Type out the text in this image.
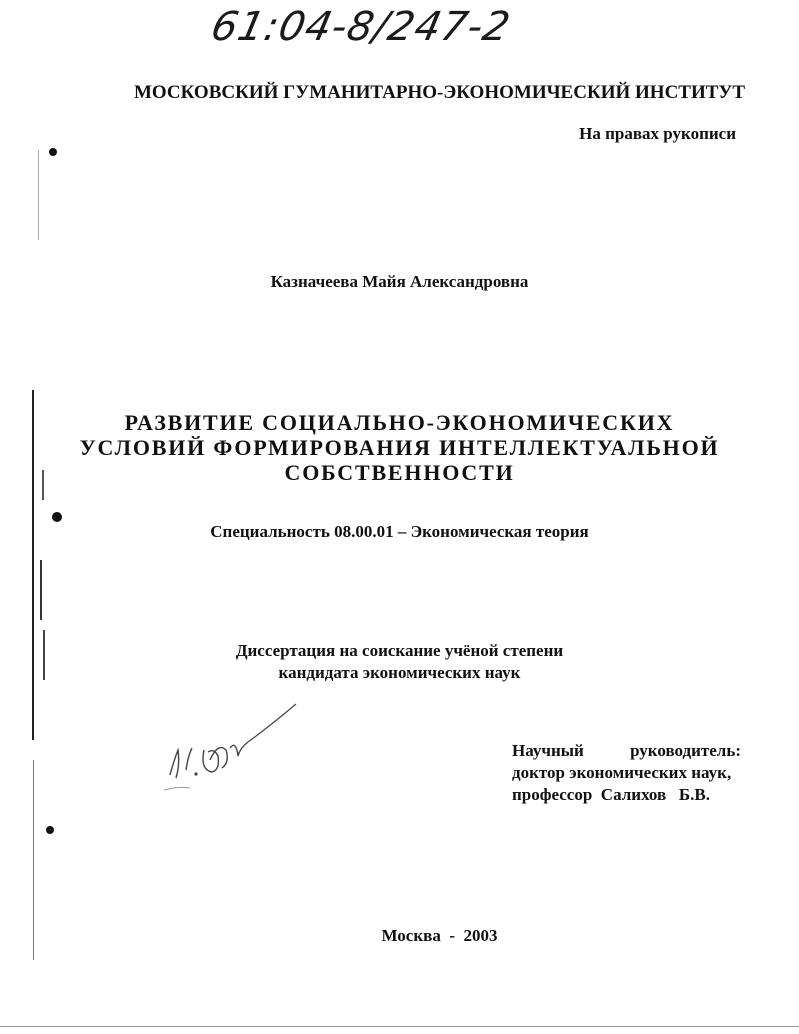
61:04-8/247-2
МОСКОВСКИЙ ГУМАНИТАРНО-ЭКОНОМИЧЕСКИЙ ИНСТИТУТ
На правах рукописи
Казначеева Майя Александровна
РАЗВИТИЕ СОЦИАЛЬНО-ЭКОНОМИЧЕСКИХ
УСЛОВИЙ ФОРМИРОВАНИЯ ИНТЕЛЛЕКТУАЛЬНОЙ
СОБСТВЕННОСТИ
Специальность 08.00.01 – Экономическая теория
Диссертация на соискание учёной степени
кандидата экономических наук
Научный	руководитель:
доктор экономических наук,
профессор  Салихов   Б.В.
Москва  -  2003
